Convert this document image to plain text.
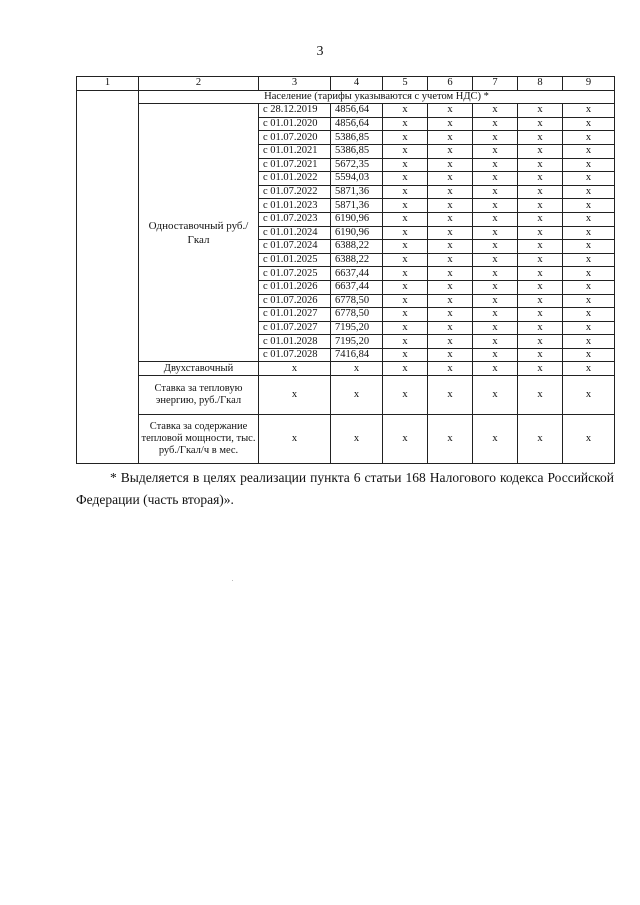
3
1	2	3	4	5	6	7	8	9
	Население (тарифы указываются с учетом НДС) *							
	Одноставочный руб./Гкал	с 28.12.2019	4856,64	х	х	х	х	х
		с 01.01.2020	4856,64	х	х	х	х	х
		с 01.07.2020	5386,85	х	х	х	х	х
		с 01.01.2021	5386,85	х	х	х	х	х
		с 01.07.2021	5672,35	х	х	х	х	х
		с 01.01.2022	5594,03	х	х	х	х	х
		с 01.07.2022	5871,36	х	х	х	х	х
		с 01.01.2023	5871,36	х	х	х	х	х
		с 01.07.2023	6190,96	х	х	х	х	х
		с 01.01.2024	6190,96	х	х	х	х	х
		с 01.07.2024	6388,22	х	х	х	х	х
		с 01.01.2025	6388,22	х	х	х	х	х
		с 01.07.2025	6637,44	х	х	х	х	х
		с 01.01.2026	6637,44	х	х	х	х	х
		с 01.07.2026	6778,50	х	х	х	х	х
		с 01.01.2027	6778,50	х	х	х	х	х
		с 01.07.2027	7195,20	х	х	х	х	х
		с 01.01.2028	7195,20	х	х	х	х	х
		с 01.07.2028	7416,84	х	х	х	х	х
	Двухставочный	х	х	х	х	х	х	х
	Ставка за тепловую энергию, руб./Гкал	х	х	х	х	х	х	х
	Ставка за содержание тепловой мощности, тыс. руб./Гкал/ч в мес.	х	х	х	х	х	х	х
* Выделяется в целях реализации пункта 6 статьи 168 Налогового кодекса Российской Федерации (часть вторая)».
